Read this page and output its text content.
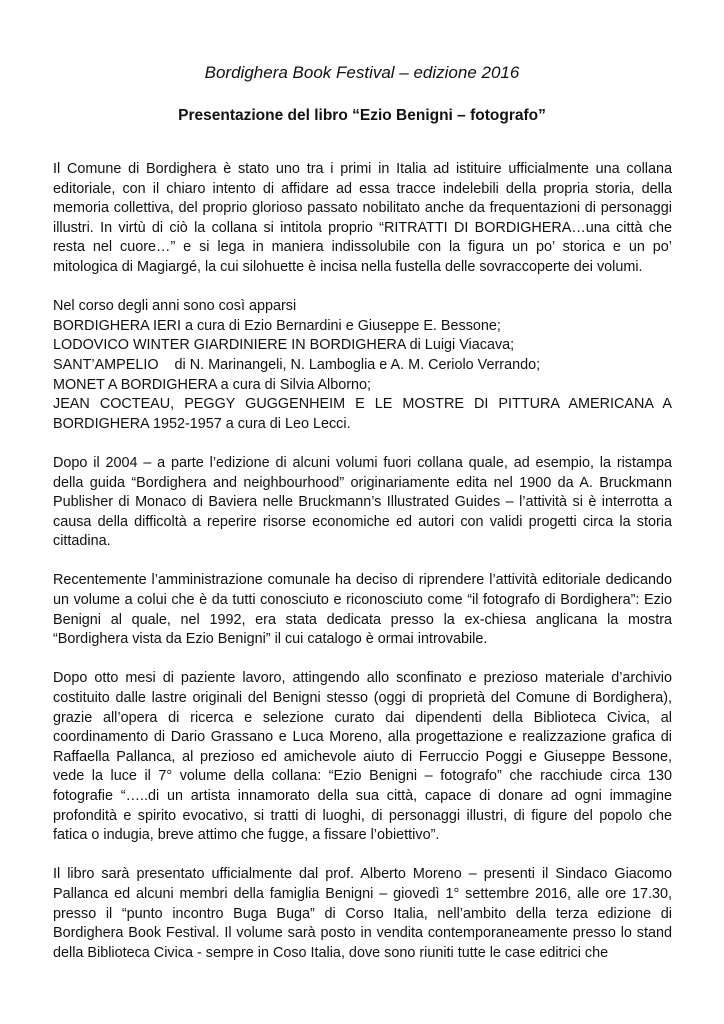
Bordighera Book Festival – edizione 2016
Presentazione del libro “Ezio Benigni – fotografo”

Il Comune di Bordighera è stato uno tra i primi in Italia ad istituire ufficialmente una collana editoriale, con il chiaro intento di affidare ad essa tracce indelebili della propria storia, della memoria collettiva, del proprio glorioso passato nobilitato anche da frequentazioni di personaggi illustri. In virtù di ciò la collana si intitola proprio “RITRATTI DI BORDIGHERA…una città che resta nel cuore…” e si lega in maniera indissolubile con la figura un po’ storica e un po’ mitologica di Magiargé, la cui silohuette è incisa nella fustella delle sovraccoperte dei volumi.

Nel corso degli anni sono così apparsi
BORDIGHERA IERI a cura di Ezio Bernardini e Giuseppe E. Bessone;
LODOVICO WINTER GIARDINIERE IN BORDIGHERA di Luigi Viacava;
SANT’AMPELIO    di N. Marinangeli, N. Lamboglia e A. M. Ceriolo Verrando;
MONET A BORDIGHERA a cura di Silvia Alborno;
JEAN COCTEAU, PEGGY GUGGENHEIM E LE MOSTRE DI PITTURA AMERICANA A BORDIGHERA 1952-1957 a cura di Leo Lecci.

Dopo il 2004 – a parte l’edizione di alcuni volumi fuori collana quale, ad esempio, la ristampa della guida “Bordighera and neighbourhood” originariamente edita nel 1900 da A. Bruckmann Publisher di Monaco di Baviera nelle Bruckmann’s Illustrated Guides – l’attività si è interrotta a causa della difficoltà a reperire risorse economiche ed autori con validi progetti circa la storia cittadina.

Recentemente l’amministrazione comunale ha deciso di riprendere l’attività editoriale dedicando un volume a colui che è da tutti conosciuto e riconosciuto come “il fotografo di Bordighera”: Ezio Benigni al quale, nel 1992, era stata dedicata presso la ex-chiesa anglicana la mostra “Bordighera vista da Ezio Benigni” il cui catalogo è ormai introvabile.

Dopo otto mesi di paziente lavoro, attingendo allo sconfinato e prezioso materiale d’archivio costituito dalle lastre originali del Benigni stesso (oggi di proprietà del Comune di Bordighera), grazie all’opera di ricerca e selezione curato dai dipendenti della Biblioteca Civica, al coordinamento di Dario Grassano e Luca Moreno, alla progettazione e realizzazione grafica di Raffaella Pallanca, al prezioso ed amichevole aiuto di Ferruccio Poggi e Giuseppe Bessone, vede la luce il 7° volume della collana: “Ezio Benigni – fotografo” che racchiude circa 130 fotografie “…..di un artista innamorato della sua città, capace di donare ad ogni immagine profondità e spirito evocativo, si tratti di luoghi, di personaggi illustri, di figure del popolo che fatica o indugia, breve attimo che fugge, a fissare l’obiettivo”.

Il libro sarà presentato ufficialmente dal prof. Alberto Moreno – presenti il Sindaco Giacomo Pallanca ed alcuni membri della famiglia Benigni – giovedì 1° settembre 2016, alle ore 17.30, presso il “punto incontro Buga Buga” di Corso Italia, nell’ambito della terza edizione di Bordighera Book Festival. Il volume sarà posto in vendita contemporaneamente presso lo stand della Biblioteca Civica - sempre in Coso Italia, dove sono riuniti tutte le case editrici che
